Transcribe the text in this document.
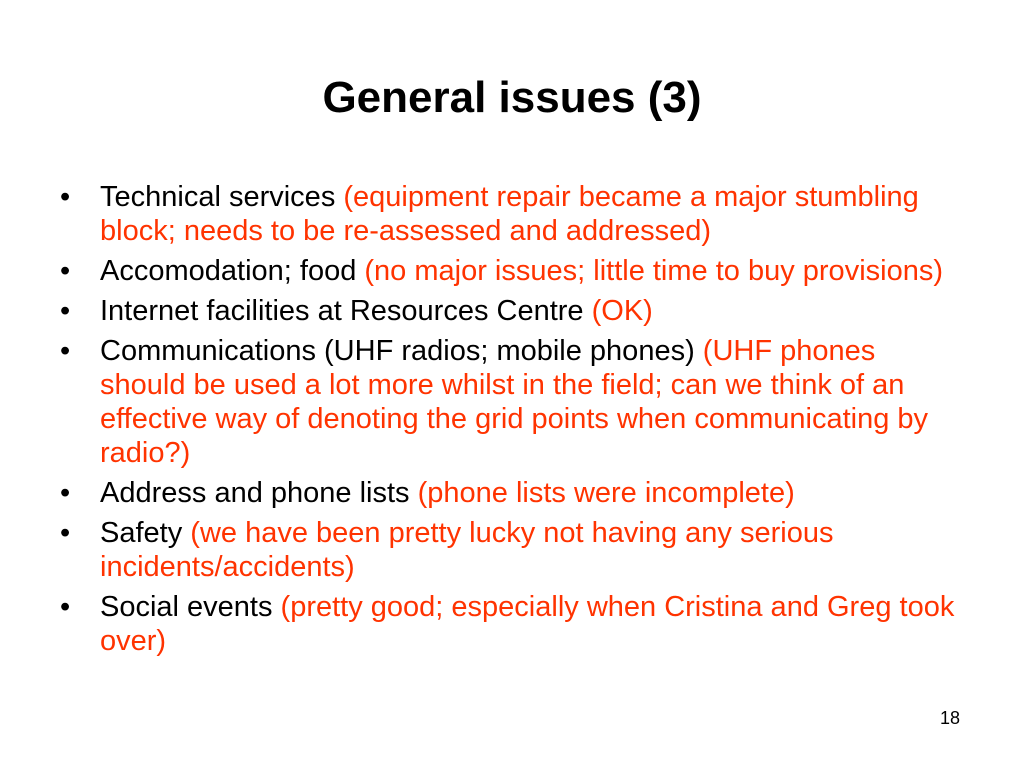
General issues (3)
•	Technical services (equipment repair became a major stumbling block; needs to be re-assessed and addressed)
•	Accomodation; food (no major issues; little time to buy provisions)
•	Internet facilities at Resources Centre (OK)
•	Communications (UHF radios; mobile phones) (UHF phones should be used a lot more whilst in the field; can we think of an effective way of denoting the grid points when communicating by radio?)
•	Address and phone lists (phone lists were incomplete)
•	Safety (we have been pretty lucky not having any serious incidents/accidents)
•	Social events (pretty good; especially when Cristina and Greg took over)
18
